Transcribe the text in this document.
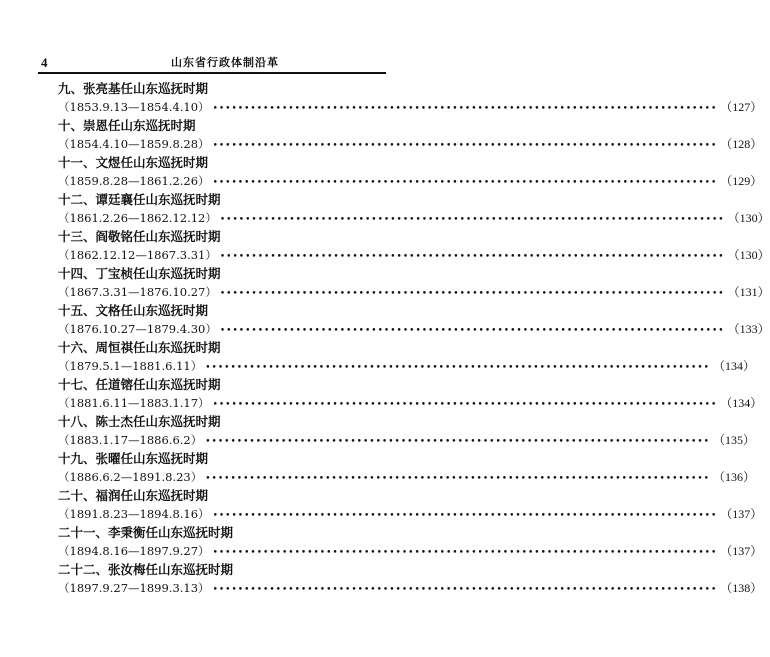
4	山东省行政体制沿革
九、张亮基任山东巡抚时期
（1853.9.13—1854.4.10） •••••••••••••••••••••••••••••••••••••••••••••••••••••••••••••••••••••••••••••••• （127）
十、崇恩任山东巡抚时期
（1854.4.10—1859.8.28） •••••••••••••••••••••••••••••••••••••••••••••••••••••••••••••••••••••••••••••••• （128）
十一、文煜任山东巡抚时期
（1859.8.28—1861.2.26） •••••••••••••••••••••••••••••••••••••••••••••••••••••••••••••••••••••••••••••••• （129）
十二、谭廷襄任山东巡抚时期
（1861.2.26—1862.12.12） •••••••••••••••••••••••••••••••••••••••••••••••••••••••••••••••••••••••••••••••• （130）
十三、阎敬铭任山东巡抚时期
（1862.12.12—1867.3.31） •••••••••••••••••••••••••••••••••••••••••••••••••••••••••••••••••••••••••••••••• （130）
十四、丁宝桢任山东巡抚时期
（1867.3.31—1876.10.27） •••••••••••••••••••••••••••••••••••••••••••••••••••••••••••••••••••••••••••••••• （131）
十五、文格任山东巡抚时期
（1876.10.27—1879.4.30） •••••••••••••••••••••••••••••••••••••••••••••••••••••••••••••••••••••••••••••••• （133）
十六、周恒祺任山东巡抚时期
（1879.5.1—1881.6.11） •••••••••••••••••••••••••••••••••••••••••••••••••••••••••••••••••••••••••••••••• （134）
十七、任道镕任山东巡抚时期
（1881.6.11—1883.1.17） •••••••••••••••••••••••••••••••••••••••••••••••••••••••••••••••••••••••••••••••• （134）
十八、陈士杰任山东巡抚时期
（1883.1.17—1886.6.2） •••••••••••••••••••••••••••••••••••••••••••••••••••••••••••••••••••••••••••••••• （135）
十九、张曜任山东巡抚时期
（1886.6.2—1891.8.23） •••••••••••••••••••••••••••••••••••••••••••••••••••••••••••••••••••••••••••••••• （136）
二十、福润任山东巡抚时期
（1891.8.23—1894.8.16） •••••••••••••••••••••••••••••••••••••••••••••••••••••••••••••••••••••••••••••••• （137）
二十一、李秉衡任山东巡抚时期
（1894.8.16—1897.9.27） •••••••••••••••••••••••••••••••••••••••••••••••••••••••••••••••••••••••••••••••• （137）
二十二、张汝梅任山东巡抚时期
（1897.9.27—1899.3.13） •••••••••••••••••••••••••••••••••••••••••••••••••••••••••••••••••••••••••••••••• （138）
